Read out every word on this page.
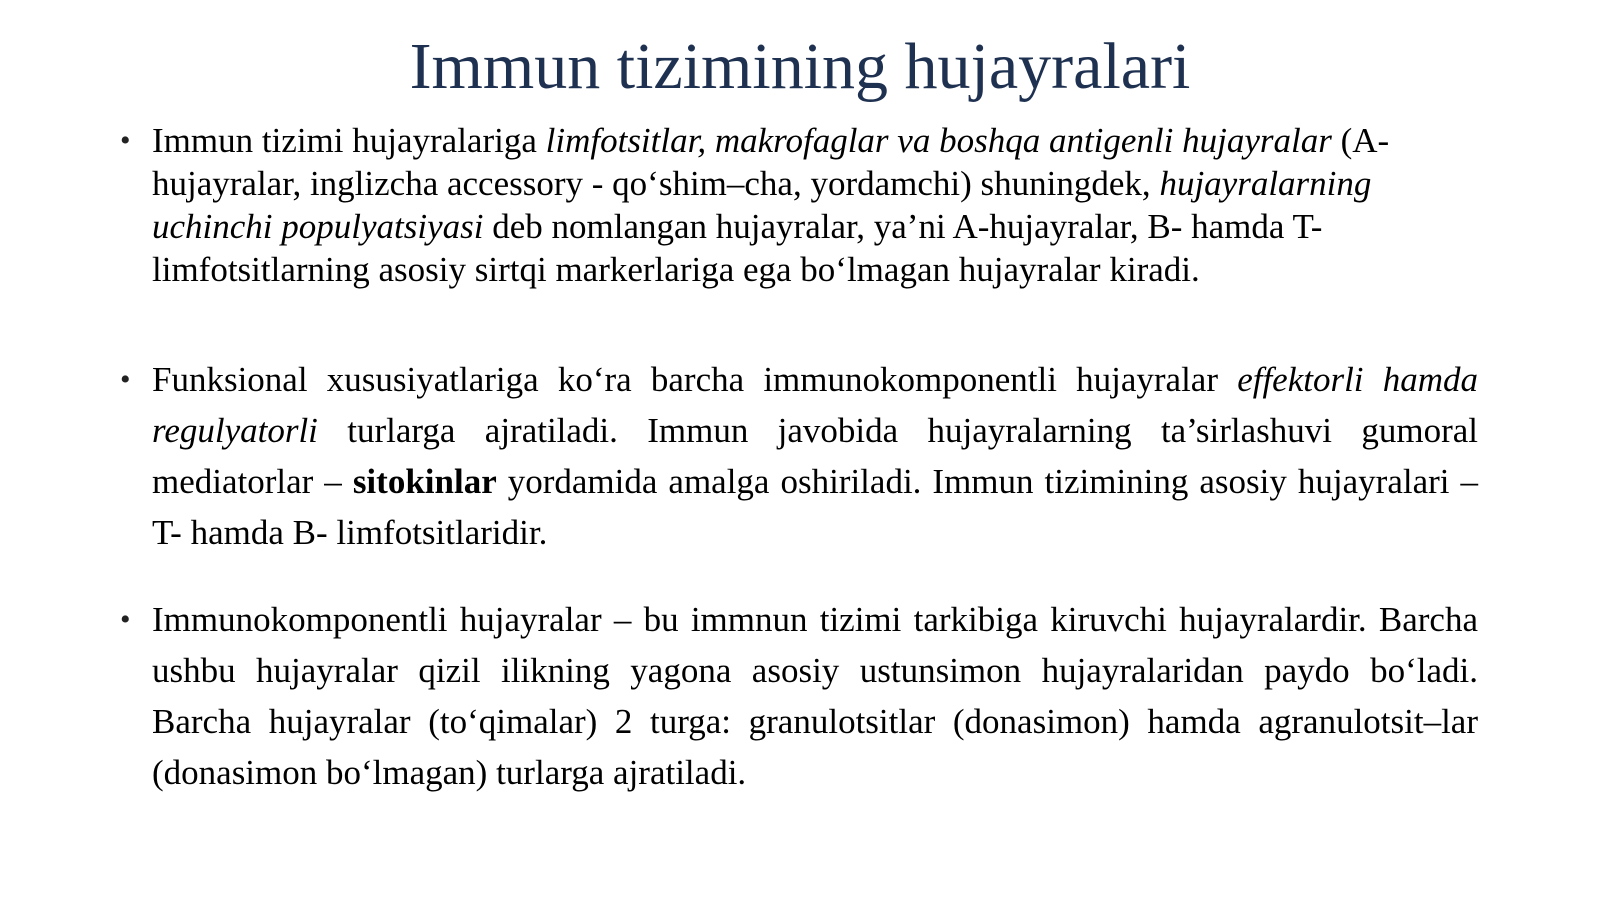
Immun tizimining hujayralari
• Immun tizimi hujayralariga limfotsitlar, makrofaglar va boshqa antigenli hujayralar (A-hujayralar, inglizcha accessory - qo‘shim–cha, yordamchi) shuningdek, hujayralarning uchinchi populyatsiyasi deb nomlangan hujayralar, ya’ni A-hujayralar, B- hamda T- limfotsitlarning asosiy sirtqi markerlariga ega bo‘lmagan hujayralar kiradi.

• Funksional xususiyatlariga ko‘ra barcha immunokomponentli hujayralar effektorli hamda regulyatorli turlarga ajratiladi. Immun javobida hujayralarning ta’sirlashuvi gumoral mediatorlar – sitokinlar yordamida amalga oshiriladi. Immun tizimining asosiy hujayralari – T- hamda B- limfotsitlaridir.

• Immunokomponentli hujayralar – bu immnun tizimi tarkibiga kiruvchi hujayralardir. Barcha ushbu hujayralar qizil ilikning yagona asosiy ustunsimon hujayralaridan paydo bo‘ladi. Barcha hujayralar (to‘qimalar) 2 turga: granulotsitlar (donasimon) hamda agranulotsit–lar (donasimon bo‘lmagan) turlarga ajratiladi.
